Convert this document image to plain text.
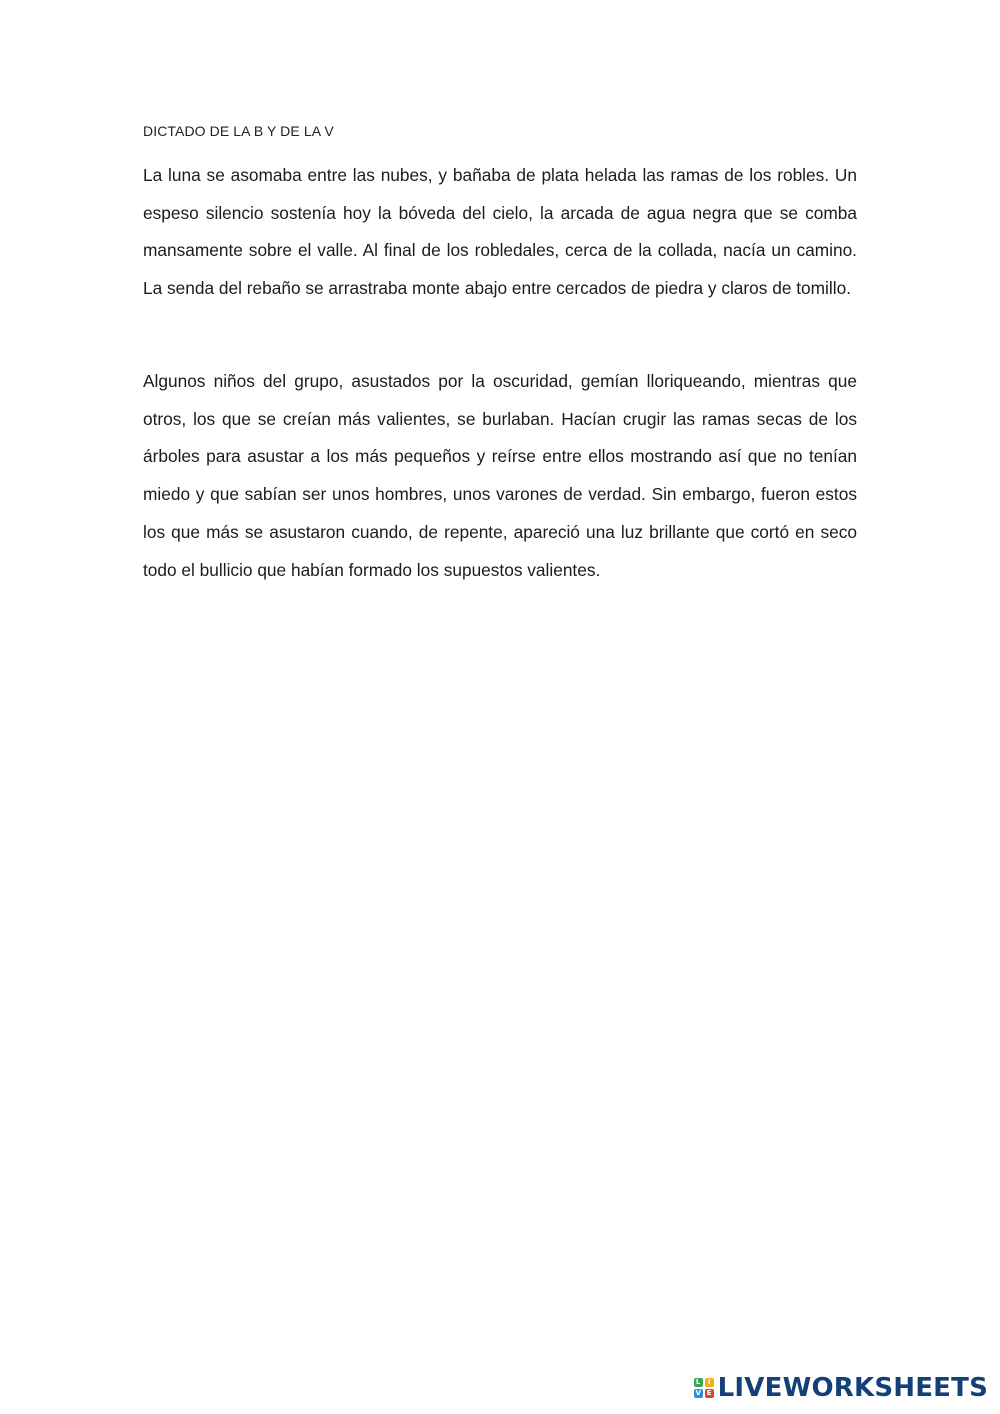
DICTADO DE LA B Y DE LA V

La luna se asomaba entre las nubes, y bañaba de plata helada las ramas de los robles. Un espeso silencio sostenía hoy la bóveda del cielo, la arcada de agua negra que se comba mansamente sobre el valle. Al final de los robledales, cerca de la collada, nacía un camino. La senda del rebaño se arrastraba monte abajo entre cercados de piedra y claros de tomillo.

Algunos niños del grupo, asustados por la oscuridad, gemían lloriqueando, mientras que otros, los que se creían más valientes, se burlaban. Hacían crugir las ramas secas de los árboles para asustar a los más pequeños y reírse entre ellos mostrando así que no tenían miedo y que sabían ser unos hombres, unos varones de verdad. Sin embargo, fueron estos los que más se asustaron cuando, de repente, apareció una luz brillante que cortó en seco todo el bullicio que habían formado los supuestos valientes.

L	I
V E LIVEWORKSHEETS
